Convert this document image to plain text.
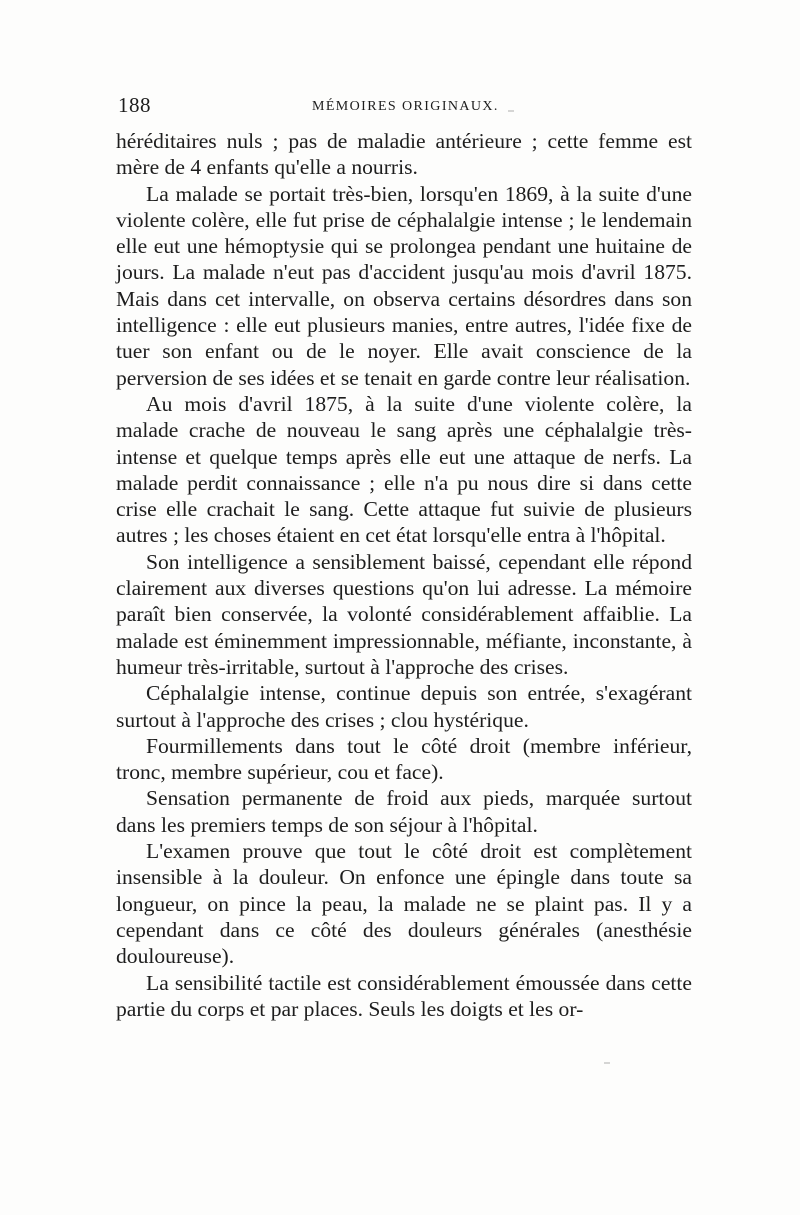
188	MÉMOIRES ORIGINAUX.

héréditaires nuls ; pas de maladie antérieure ; cette femme est mère de 4 enfants qu'elle a nourris.

La malade se portait très-bien, lorsqu'en 1869, à la suite d'une violente colère, elle fut prise de céphalalgie intense ; le lendemain elle eut une hémoptysie qui se prolongea pendant une huitaine de jours. La malade n'eut pas d'accident jusqu'au mois d'avril 1875. Mais dans cet intervalle, on observa certains désordres dans son intelligence : elle eut plusieurs manies, entre autres, l'idée fixe de tuer son enfant ou de le noyer. Elle avait conscience de la perversion de ses idées et se tenait en garde contre leur réalisation.

Au mois d'avril 1875, à la suite d'une violente colère, la malade crache de nouveau le sang après une céphalalgie très-intense et quelque temps après elle eut une attaque de nerfs. La malade perdit connaissance ; elle n'a pu nous dire si dans cette crise elle crachait le sang. Cette attaque fut suivie de plusieurs autres ; les choses étaient en cet état lorsqu'elle entra à l'hôpital.

Son intelligence a sensiblement baissé, cependant elle répond clairement aux diverses questions qu'on lui adresse. La mémoire paraît bien conservée, la volonté considérablement affaiblie. La malade est éminemment impressionnable, méfiante, inconstante, à humeur très-irritable, surtout à l'approche des crises.

Céphalalgie intense, continue depuis son entrée, s'exagérant surtout à l'approche des crises ; clou hystérique.

Fourmillements dans tout le côté droit (membre inférieur, tronc, membre supérieur, cou et face).

Sensation permanente de froid aux pieds, marquée surtout dans les premiers temps de son séjour à l'hôpital.

L'examen prouve que tout le côté droit est complètement insensible à la douleur. On enfonce une épingle dans toute sa longueur, on pince la peau, la malade ne se plaint pas. Il y a cependant dans ce côté des douleurs générales (anesthésie douloureuse).

La sensibilité tactile est considérablement émoussée dans cette partie du corps et par places. Seuls les doigts et les or-
